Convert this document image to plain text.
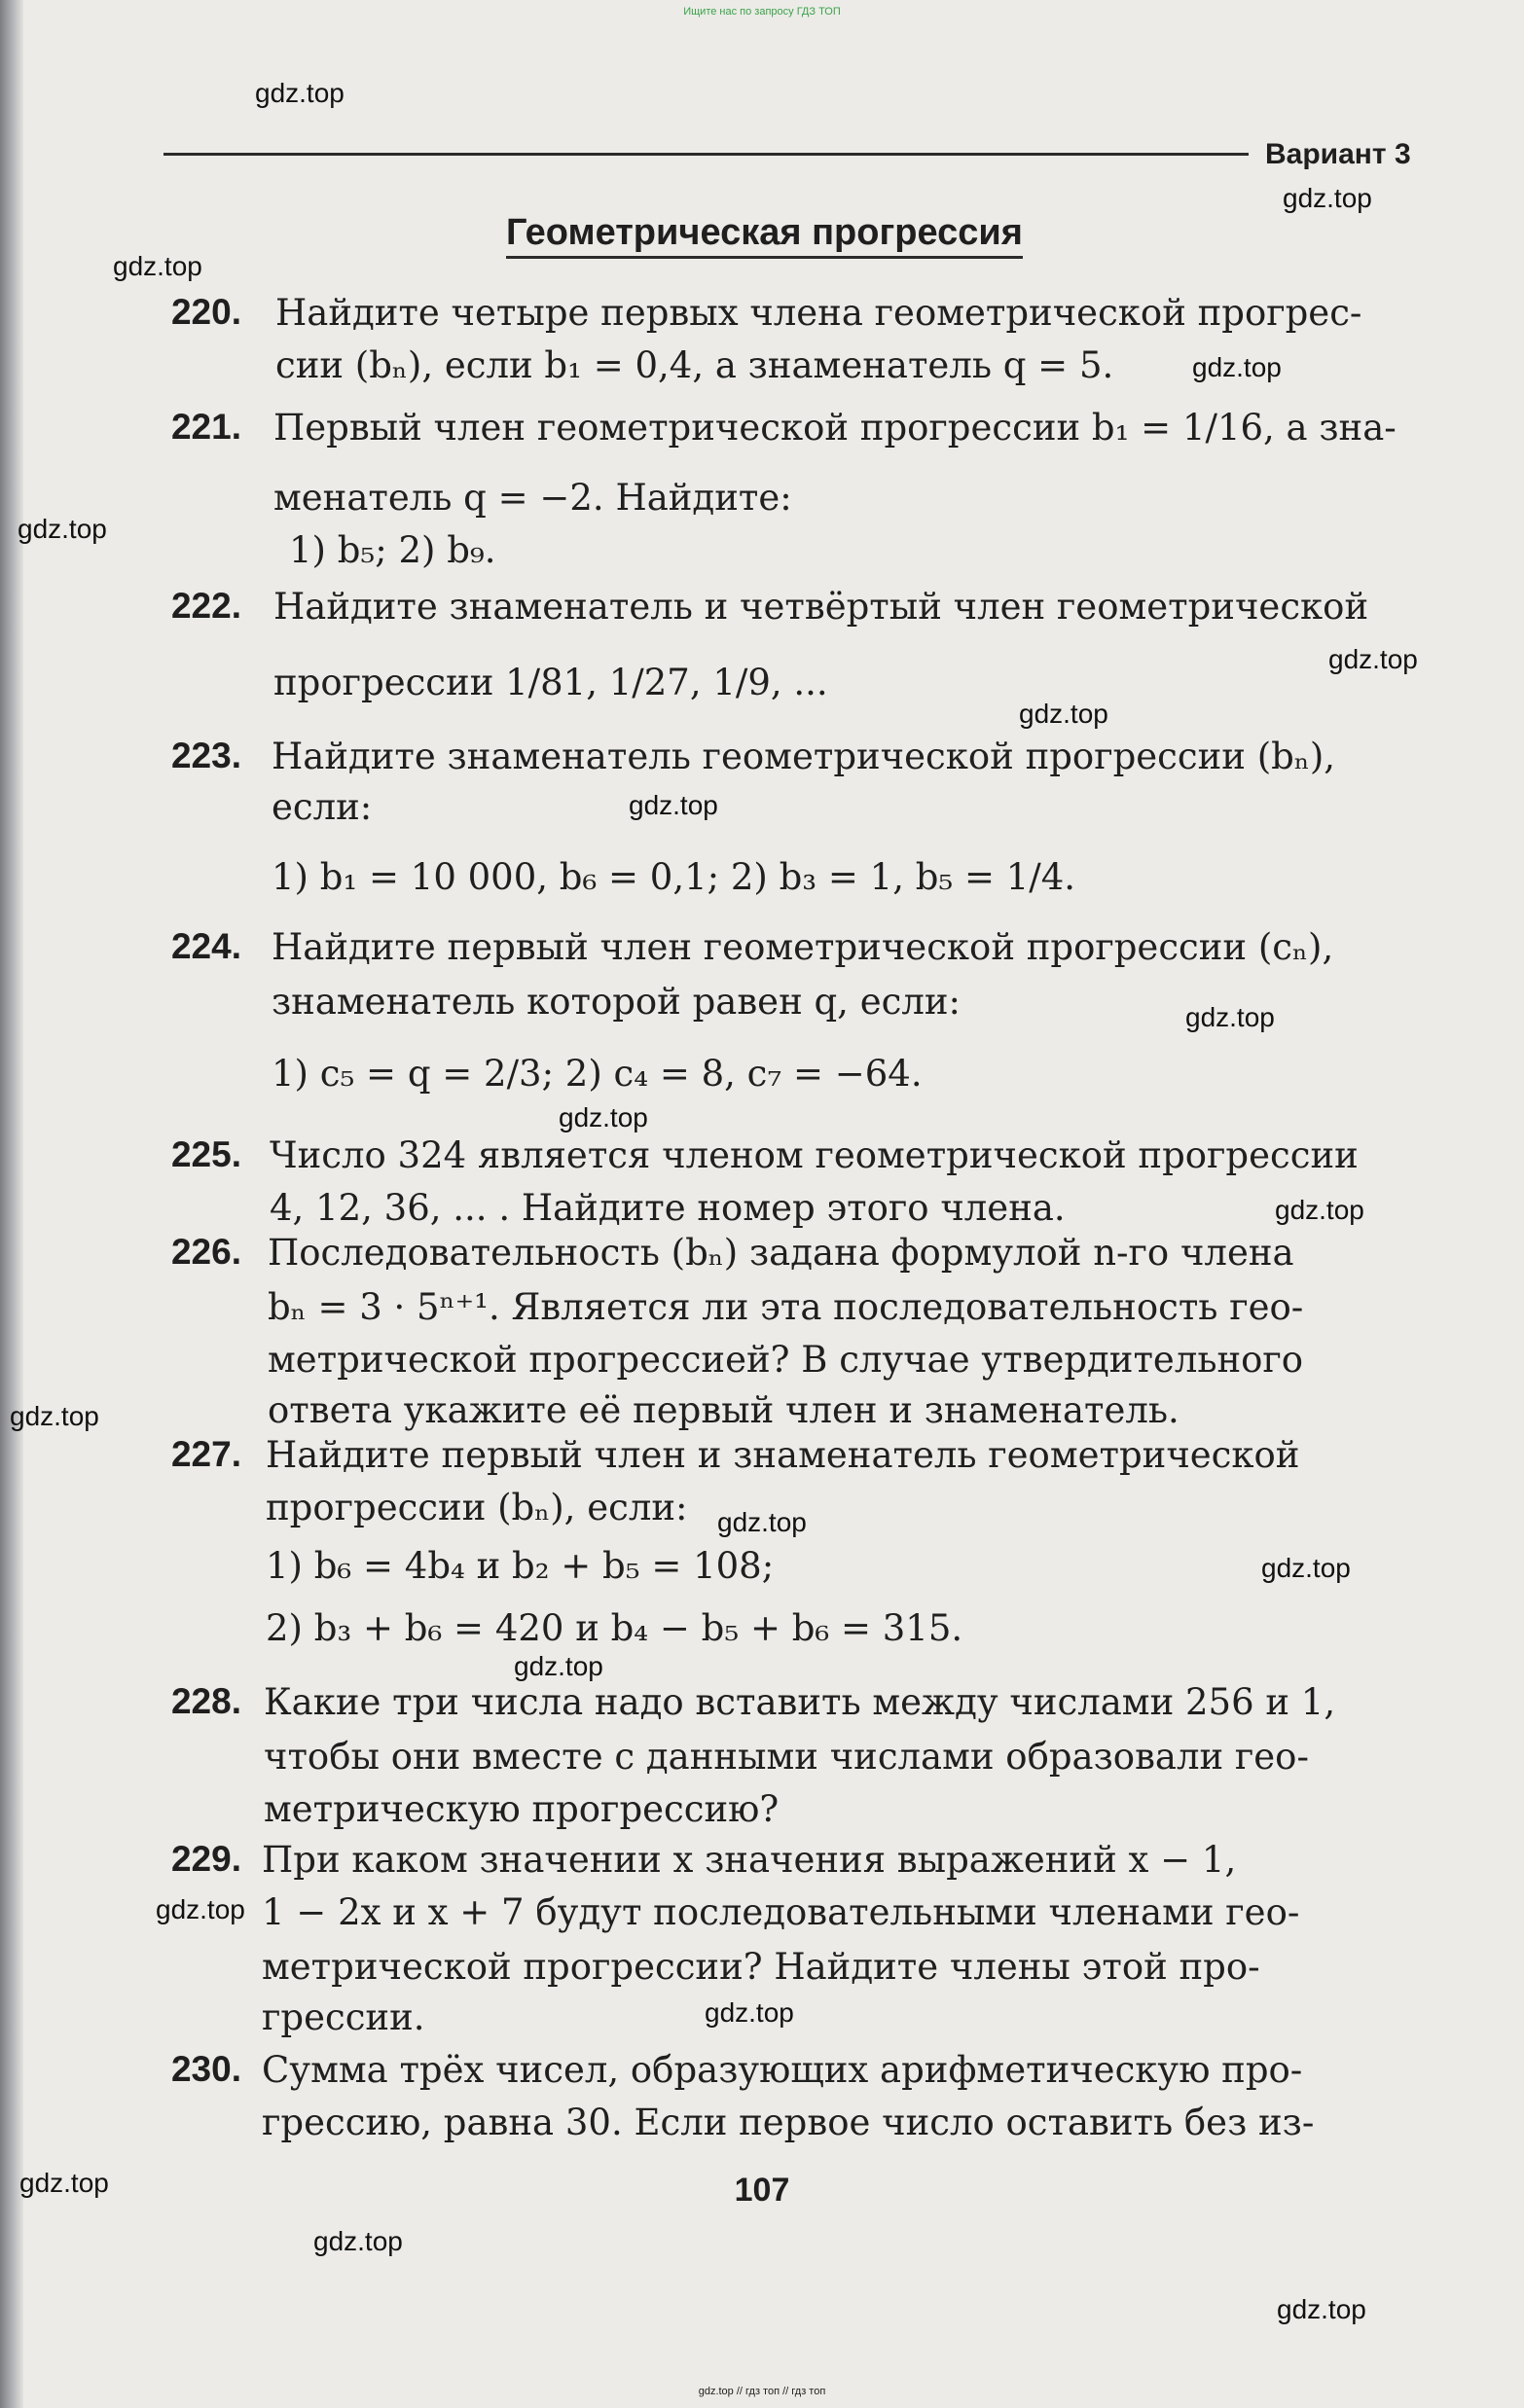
Ищите нас по запросу ГДЗ ТОП
Вариант 3
Геометрическая прогрессия
gdz.top
gdz.top
gdz.top
gdz.top
gdz.top
gdz.top
gdz.top
gdz.top
gdz.top
gdz.top
gdz.top
gdz.top
gdz.top
gdz.top
gdz.top
gdz.top
gdz.top
gdz.top
gdz.top
gdz.top
220. Найдите четыре первых члена геометрической прогрес-
сии (bₙ), если b₁ = 0,4, а знаменатель q = 5.
221. Первый член геометрической прогрессии b₁ = 1/16, а зна-
менатель q = −2. Найдите:
1) b₅; 2) b₉.
222. Найдите знаменатель и четвёртый член геометрической
прогрессии 1/81, 1/27, 1/9, ...
223. Найдите знаменатель геометрической прогрессии (bₙ),
если:
1) b₁ = 10 000, b₆ = 0,1; 2) b₃ = 1, b₅ = 1/4.
224. Найдите первый член геометрической прогрессии (cₙ),
знаменатель которой равен q, если:
1) c₅ = q = 2/3; 2) c₄ = 8, c₇ = −64.
225. Число 324 является членом геометрической прогрессии
4, 12, 36, ... . Найдите номер этого члена.
226. Последовательность (bₙ) задана формулой n-го члена
bₙ = 3 · 5ⁿ⁺¹. Является ли эта последовательность гео-
метрической прогрессией? В случае утвердительного
ответа укажите её первый член и знаменатель.
227. Найдите первый член и знаменатель геометрической
прогрессии (bₙ), если:
1) b₆ = 4b₄ и b₂ + b₅ = 108;
2) b₃ + b₆ = 420 и b₄ − b₅ + b₆ = 315.
228. Какие три числа надо вставить между числами 256 и 1,
чтобы они вместе с данными числами образовали гео-
метрическую прогрессию?
229. При каком значении x значения выражений x − 1,
1 − 2x и x + 7 будут последовательными членами гео-
метрической прогрессии? Найдите члены этой про-
грессии.
230. Сумма трёх чисел, образующих арифметическую про-
грессию, равна 30. Если первое число оставить без из-
107
gdz.top // гдз топ // гдз топ
